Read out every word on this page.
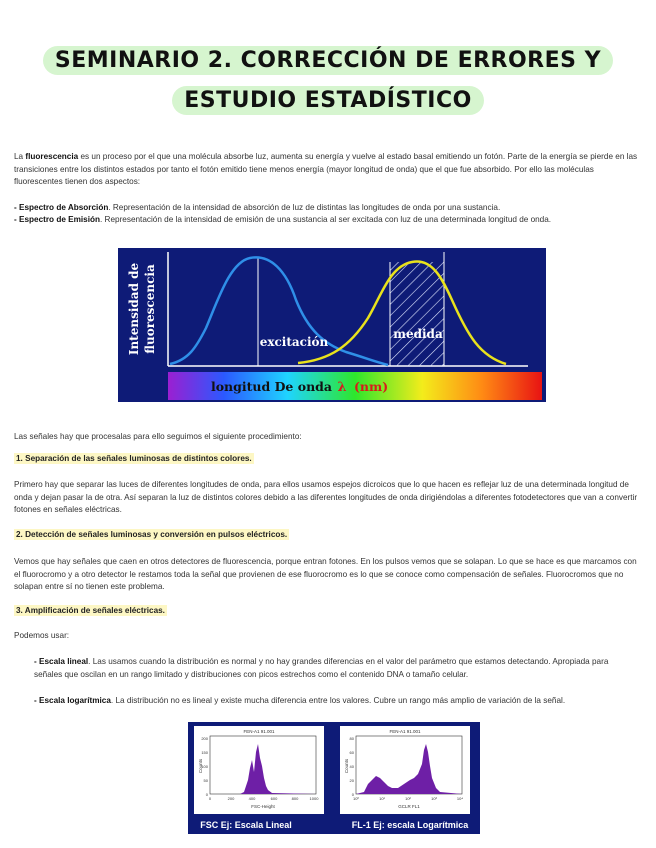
SEMINARIO 2. CORRECCIÓN DE ERRORES Y
ESTUDIO ESTADÍSTICO

La fluorescencia es un proceso por el que una molécula absorbe luz, aumenta su energía y vuelve al estado basal emitiendo un fotón. Parte de la energía se pierde en las transiciones entre los distintos estados por tanto el fotón emitido tiene menos energía (mayor longitud de onda) que el que fue absorbido. Por ello las moléculas fluorescentes tienen dos aspectos:

- Espectro de Absorción. Representación de la intensidad de absorción de luz de distintas las longitudes de onda por una sustancia.

- Espectro de Emisión. Representación de la intensidad de emisión de una sustancia al ser excitada con luz de una determinada longitud de onda.

Intensidad de fluorescencia	excitación
medida
longitud De onda λ (nm)

Las señales hay que procesalas para ello seguimos el siguiente procedimiento:

1. Separación de las señales luminosas de distintos colores.

Primero hay que separar las luces de diferentes longitudes de onda, para ellos usamos espejos dicroicos que lo que hacen es reflejar luz de una determinada longitud de onda y dejan pasar la de otra. Así separan la luz de distintos colores debido a las diferentes longitudes de onda dirigiéndolas a diferentes fotodetectores que van a convertir fotones en señales eléctricas.

2. Detección de señales luminosas y conversión en pulsos eléctricos.

Vemos que hay señales que caen en otros detectores de fluorescencia, porque entran fotones. En los pulsos vemos que se solapan. Lo que se hace es que marcamos con el fluorocromo y a otro detector le restamos toda la señal que provienen de ese fluorocromo es lo que se conoce como compensación de señales. Fluorocromos que no solapan entre sí no tienen este problema.

3. Amplificación de señales eléctricas.

Podemos usar:

- Escala lineal. Las usamos cuando la distribución es normal y no hay grandes diferencias en el valor del parámetro que estamos detectando. Apropiada para señales que oscilan en un rango limitado y distribuciones con picos estrechos como el contenido DNA o tamaño celular.

- Escala logarítmica. La distribución no es lineal y existe mucha diferencia entre los valores. Cubre un rango más amplio de variación de la señal.

FEN-A1 91.001
Counts
0
50
100
150
200
0	200	400	600	800	1000
FSC-Height
FEN-A1 91.001
Counts
0
20
40
60
80
10⁰	10¹	10²	10³	10⁴
GCLR FL1
FSC Ej: Escala Lineal	FL-1 Ej: escala Logarítmica
